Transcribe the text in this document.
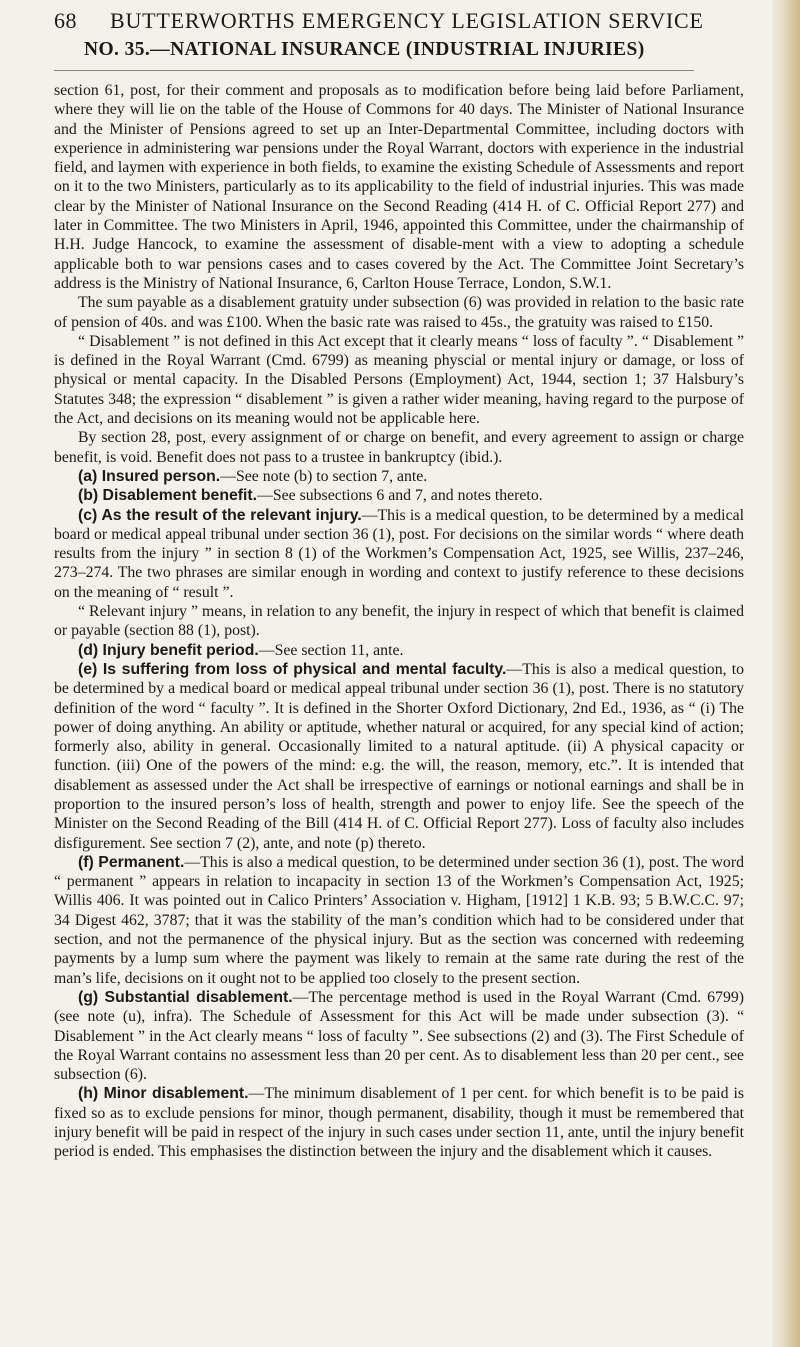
68 BUTTERWORTHS EMERGENCY LEGISLATION SERVICE
NO. 35.—NATIONAL INSURANCE (INDUSTRIAL INJURIES)

section 61, post, for their comment and proposals as to modification before being laid before Parliament, where they will lie on the table of the House of Commons for 40 days. The Minister of National Insurance and the Minister of Pensions agreed to set up an Inter-Departmental Committee, including doctors with experience in administering war pensions under the Royal Warrant, doctors with experience in the industrial field, and laymen with experience in both fields, to examine the existing Schedule of Assessments and report on it to the two Ministers, particularly as to its applicability to the field of industrial injuries. This was made clear by the Minister of National Insurance on the Second Reading (414 H. of C. Official Report 277) and later in Committee. The two Ministers in April, 1946, appointed this Committee, under the chairmanship of H.H. Judge Hancock, to examine the assessment of disable-ment with a view to adopting a schedule applicable both to war pensions cases and to cases covered by the Act. The Committee Joint Secretary’s address is the Ministry of National Insurance, 6, Carlton House Terrace, London, S.W.1.

The sum payable as a disablement gratuity under subsection (6) was provided in relation to the basic rate of pension of 40s. and was £100. When the basic rate was raised to 45s., the gratuity was raised to £150.

“ Disablement ” is not defined in this Act except that it clearly means “ loss of faculty ”. “ Disablement ” is defined in the Royal Warrant (Cmd. 6799) as meaning physcial or mental injury or damage, or loss of physical or mental capacity. In the Disabled Persons (Employment) Act, 1944, section 1; 37 Halsbury’s Statutes 348; the expression “ disablement ” is given a rather wider meaning, having regard to the purpose of the Act, and decisions on its meaning would not be applicable here.

By section 28, post, every assignment of or charge on benefit, and every agreement to assign or charge benefit, is void. Benefit does not pass to a trustee in bankruptcy (ibid.).

(a) Insured person.—See note (b) to section 7, ante.

(b) Disablement benefit.—See subsections 6 and 7, and notes thereto.

(c) As the result of the relevant injury.—This is a medical question, to be determined by a medical board or medical appeal tribunal under section 36 (1), post. For decisions on the similar words “ where death results from the injury ” in section 8 (1) of the Workmen’s Compensation Act, 1925, see Willis, 237–246, 273–274. The two phrases are similar enough in wording and context to justify reference to these decisions on the meaning of “ result ”.

“ Relevant injury ” means, in relation to any benefit, the injury in respect of which that benefit is claimed or payable (section 88 (1), post).

(d) Injury benefit period.—See section 11, ante.

(e) Is suffering from loss of physical and mental faculty.—This is also a medical question, to be determined by a medical board or medical appeal tribunal under section 36 (1), post. There is no statutory definition of the word “ faculty ”. It is defined in the Shorter Oxford Dictionary, 2nd Ed., 1936, as “ (i) The power of doing anything. An ability or aptitude, whether natural or acquired, for any special kind of action; formerly also, ability in general. Occasionally limited to a natural aptitude. (ii) A physical capacity or function. (iii) One of the powers of the mind: e.g. the will, the reason, memory, etc.”. It is intended that disablement as assessed under the Act shall be irrespective of earnings or notional earnings and shall be in proportion to the insured person’s loss of health, strength and power to enjoy life. See the speech of the Minister on the Second Reading of the Bill (414 H. of C. Official Report 277). Loss of faculty also includes disfigurement. See section 7 (2), ante, and note (p) thereto.

(f) Permanent.—This is also a medical question, to be determined under section 36 (1), post. The word “ permanent ” appears in relation to incapacity in section 13 of the Workmen’s Compensation Act, 1925; Willis 406. It was pointed out in Calico Printers’ Association v. Higham, [1912] 1 K.B. 93; 5 B.W.C.C. 97; 34 Digest 462, 3787; that it was the stability of the man’s condition which had to be considered under that section, and not the permanence of the physical injury. But as the section was concerned with redeeming payments by a lump sum where the payment was likely to remain at the same rate during the rest of the man’s life, decisions on it ought not to be applied too closely to the present section.

(g) Substantial disablement.—The percentage method is used in the Royal Warrant (Cmd. 6799) (see note (u), infra). The Schedule of Assessment for this Act will be made under subsection (3). “ Disablement ” in the Act clearly means “ loss of faculty ”. See subsections (2) and (3). The First Schedule of the Royal Warrant contains no assessment less than 20 per cent. As to disablement less than 20 per cent., see subsection (6).

(h) Minor disablement.—The minimum disablement of 1 per cent. for which benefit is to be paid is fixed so as to exclude pensions for minor, though permanent, disability, though it must be remembered that injury benefit will be paid in respect of the injury in such cases under section 11, ante, until the injury benefit period is ended. This emphasises the distinction between the injury and the disablement which it causes.
